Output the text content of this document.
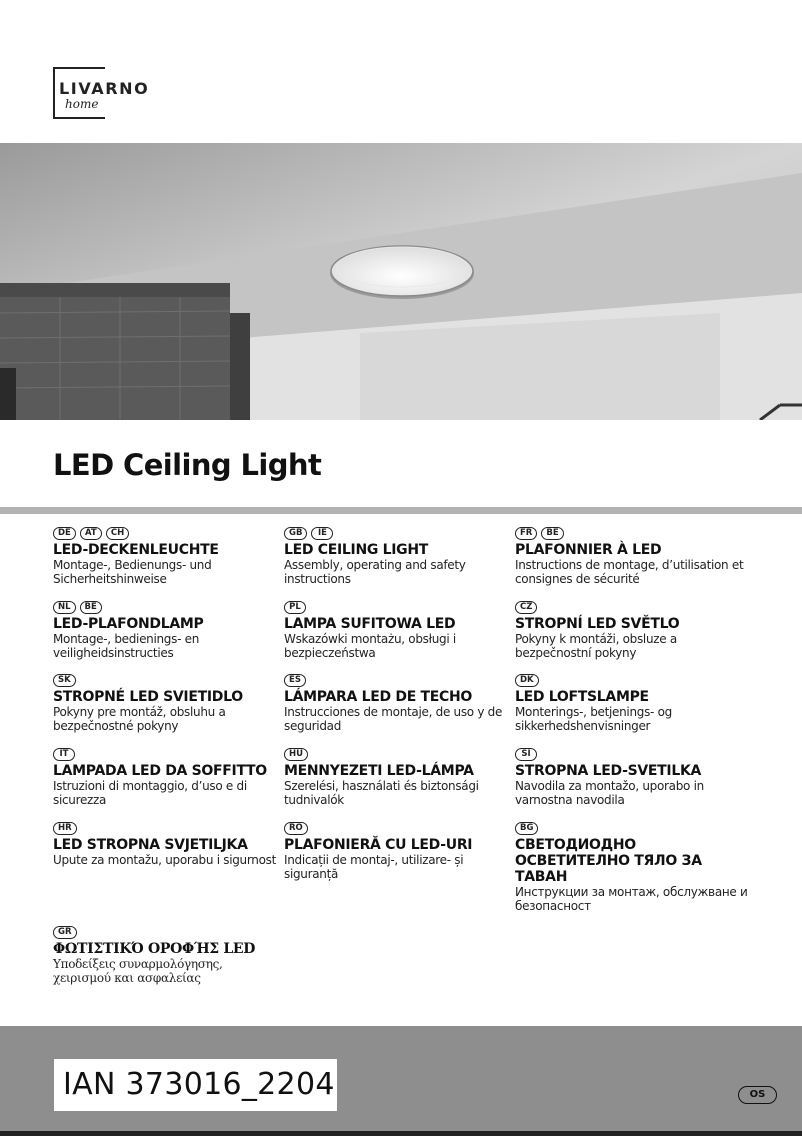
LIVARNO
home
LED Ceiling Light
DE	AT	CH
LED-DECKENLEUCHTE
Montage-, Bedienungs- und Sicherheitshinweise
GB	IE
LED CEILING LIGHT
Assembly, operating and safety instructions
FR	BE
PLAFONNIER À LED
Instructions de montage, d’utilisation et consignes de sécurité
NL	BE
LED-PLAFONDLAMP
Montage-, bedienings- en veiligheidsinstructies
PL
LAMPA SUFITOWA LED
Wskazówki montażu, obsługi i bezpieczeństwa
CZ
STROPNÍ LED SVĚTLO
Pokyny k montáži, obsluze a bezpečnostní pokyny
SK
STROPNÉ LED SVIETIDLO
Pokyny pre montáž, obsluhu a bezpečnostné pokyny
ES
LÁMPARA LED DE TECHO
Instrucciones de montaje, de uso y de seguridad
DK
LED LOFTSLAMPE
Monterings-, betjenings- og sikkerhedshenvisninger
IT
LAMPADA LED DA SOFFITTO
Istruzioni di montaggio, d’uso e di sicurezza
HU
MENNYEZETI LED-LÁMPA
Szerelési, használati és biztonsági tudnivalók
SI
STROPNA LED-SVETILKA
Navodila za montažo, uporabo in varnostna navodila
HR
LED STROPNA SVJETILJKA
Upute za montažu, uporabu i sigurnost
RO
PLAFONIERĂ CU LED-URI
Indicații de montaj-, utilizare- și siguranță
BG
СВЕТОДИОДНО ОСВЕТИТЕЛНО ТЯЛО ЗА ТАВАН
Инструкции за монтаж, обслужване и безопасност
GR
ΦΩΤΙΣΤΙΚΌ ΟΡΟΦΉΣ LED
Υποδείξεις συναρμολόγησης, χειρισμού και ασφαλείας
IAN 373016_2204	OS
